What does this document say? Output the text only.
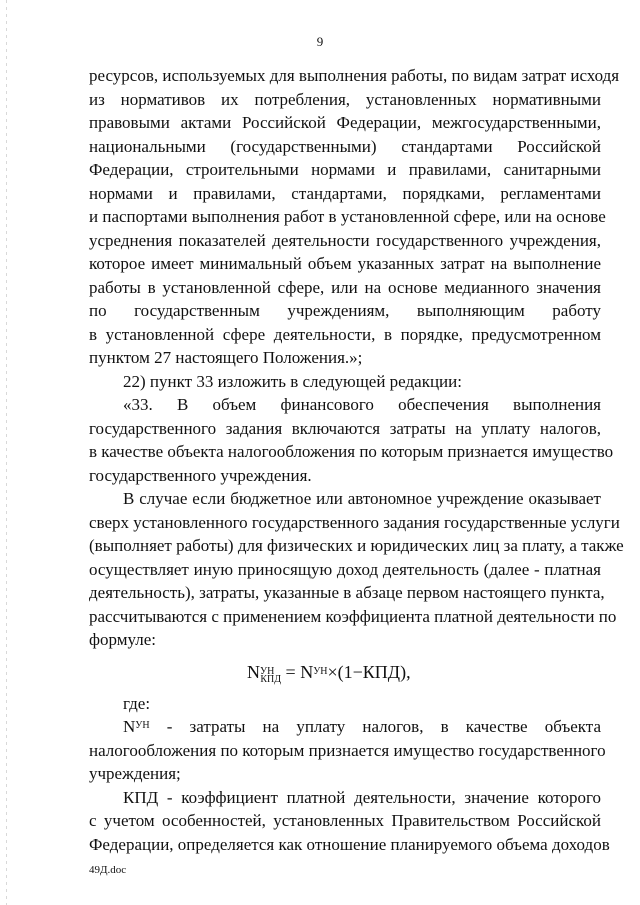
9
ресурсов, используемых для выполнения работы, по видам затрат исходя
из нормативов их потребления, установленных нормативными
правовыми актами Российской Федерации, межгосударственными,
национальными (государственными) стандартами Российской
Федерации, строительными нормами и правилами, санитарными
нормами и правилами, стандартами, порядками, регламентами
и паспортами выполнения работ в установленной сфере, или на основе
усреднения показателей деятельности государственного учреждения,
которое имеет минимальный объем указанных затрат на выполнение
работы в установленной сфере, или на основе медианного значения
по государственным учреждениям, выполняющим работу
в установленной сфере деятельности, в порядке, предусмотренном
пунктом 27 настоящего Положения.»;
22) пункт 33 изложить в следующей редакции:
«33. В объем финансового обеспечения выполнения
государственного задания включаются затраты на уплату налогов,
в качестве объекта налогообложения по которым признается имущество
государственного учреждения.
В случае если бюджетное или автономное учреждение оказывает
сверх установленного государственного задания государственные услуги
(выполняет работы) для физических и юридических лиц за плату, а также
осуществляет иную приносящую доход деятельность (далее - платная
деятельность), затраты, указанные в абзаце первом настоящего пункта,
рассчитываются с применением коэффициента платной деятельности по
формуле:
$N^{УН}_{КПД} = N^{УН}\times(1-КПД)$,
где:
$N^{УН}$ - затраты на уплату налогов, в качестве объекта
налогообложения по которым признается имущество государственного
учреждения;
КПД - коэффициент платной деятельности, значение которого
с учетом особенностей, установленных Правительством Российской
Федерации, определяется как отношение планируемого объема доходов
49Д.doc
